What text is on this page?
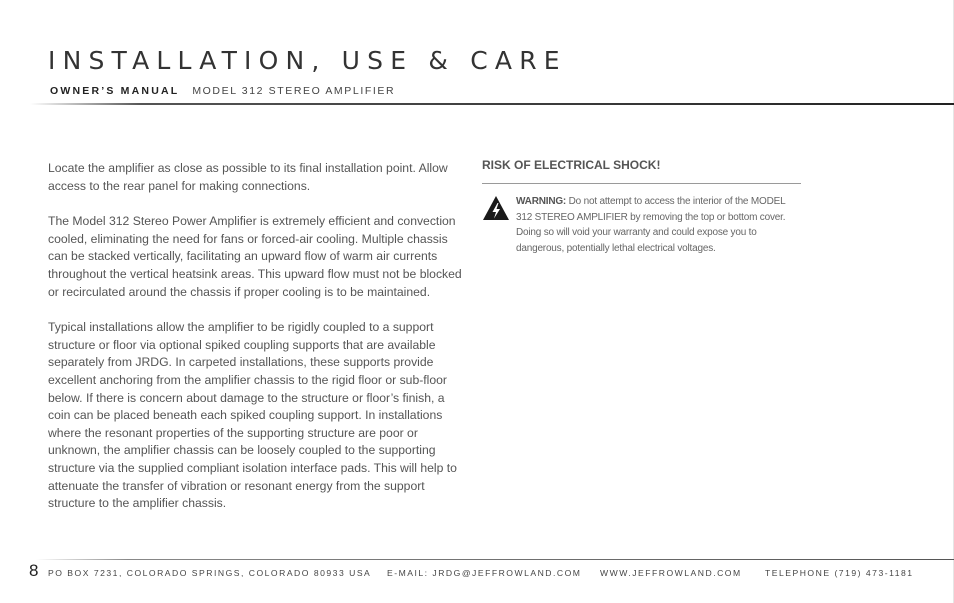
INSTALLATION, USE & CARE
OWNER’S MANUAL MODEL 312 STEREO AMPLIFIER

Locate the amplifier as close as possible to its final installation point. Allow access to the rear panel for making connections.

The Model 312 Stereo Power Amplifier is extremely efficient and convection cooled, eliminating the need for fans or forced-air cooling. Multiple chassis can be stacked vertically, facilitating an upward flow of warm air currents throughout the vertical heatsink areas. This upward flow must not be blocked or recirculated around the chassis if proper cooling is to be maintained.

Typical installations allow the amplifier to be rigidly coupled to a support structure or floor via optional spiked coupling supports that are available separately from JRDG. In carpeted installations, these supports provide excellent anchoring from the amplifier chassis to the rigid floor or sub-floor below. If there is concern about damage to the structure or floor’s finish, a coin can be placed beneath each spiked coupling support. In installations where the resonant properties of the supporting structure are poor or unknown, the amplifier chassis can be loosely coupled to the supporting structure via the supplied compliant isolation interface pads. This will help to attenuate the transfer of vibration or resonant energy from the support structure to the amplifier chassis.

RISK OF ELECTRICAL SHOCK!
WARNING: Do not attempt to access the interior of the MODEL 312 STEREO AMPLIFIER by removing the top or bottom cover. Doing so will void your warranty and could expose you to dangerous, potentially lethal electrical voltages.
8 PO BOX 7231, COLORADO SPRINGS, COLORADO 80933 USA E-MAIL: JRDG@JEFFROWLAND.COM WWW.JEFFROWLAND.COM	TELEPHONE (719) 473-1181
